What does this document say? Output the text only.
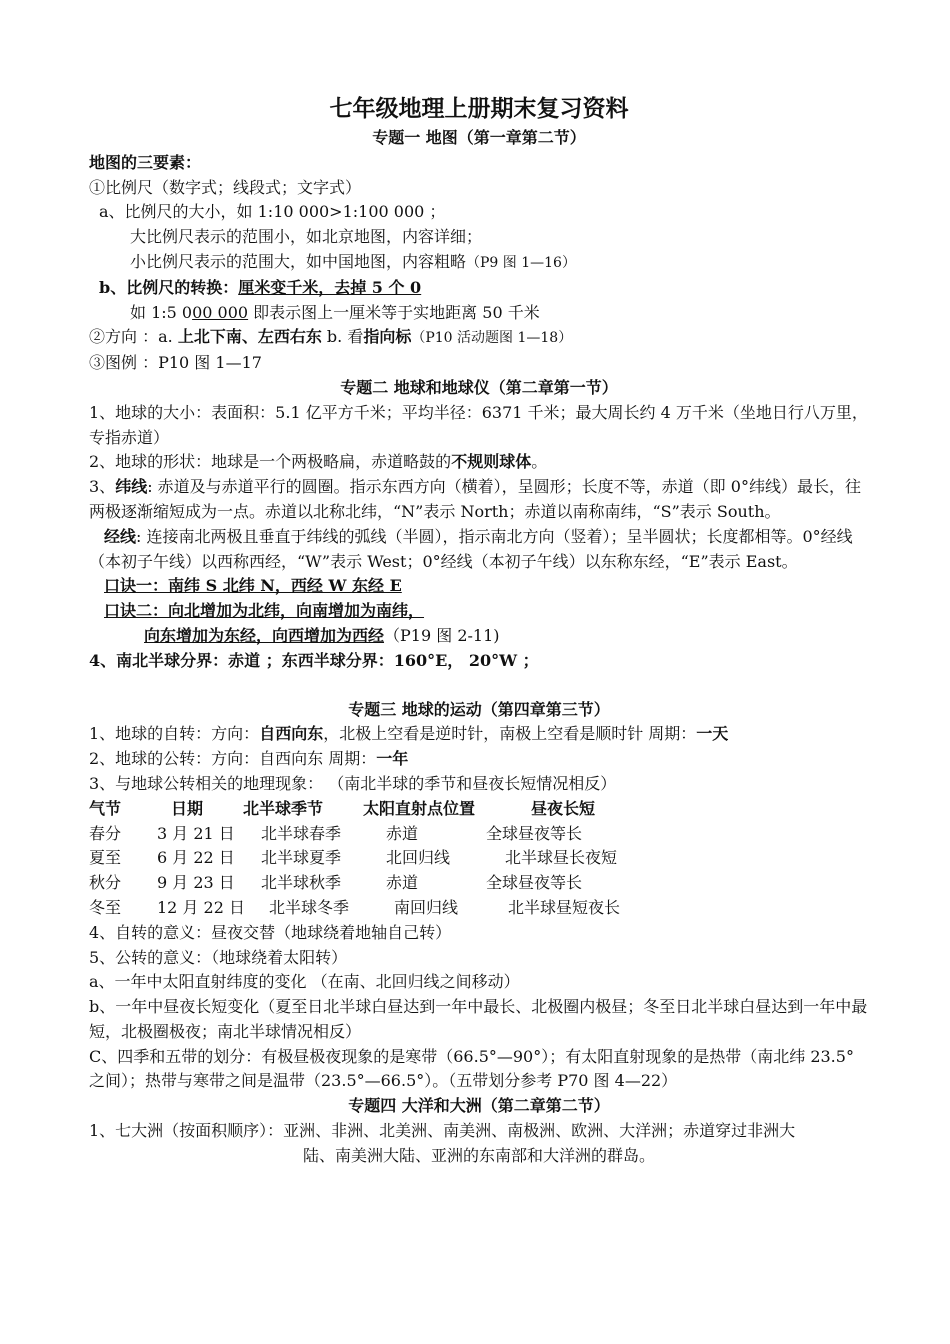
七年级地理上册期末复习资料
专题一 地图（第一章第二节）
地图的三要素：
①比例尺（数字式；线段式；文字式）
a、比例尺的大小，如 1:10 000>1:100 000 ；
大比例尺表示的范围小，如北京地图，内容详细；
小比例尺表示的范围大，如中国地图，内容粗略（P9 图 1—16）
b、比例尺的转换：厘米变千米，去掉 5 个 0
如 1:5 000 000 即表示图上一厘米等于实地距离 50 千米
②方向 ：a. 上北下南、左西右东 b. 看指向标（P10 活动题图 1—18）
③图例 ：P10 图 1—17
专题二 地球和地球仪（第二章第一节）
1、地球的大小：表面积：5.1 亿平方千米；平均半径：6371 千米；最大周长约 4 万千米（坐地日行八万里，专指赤道）
2、地球的形状：地球是一个两极略扁，赤道略鼓的不规则球体。
3、纬线: 赤道及与赤道平行的圆圈。指示东西方向（横着），呈圆形；长度不等，赤道（即 0°纬线）最长，往两极逐渐缩短成为一点。赤道以北称北纬，“N”表示 North；赤道以南称南纬，“S”表示 South。
经线: 连接南北两极且垂直于纬线的弧线（半圆），指示南北方向（竖着）；呈半圆状；长度都相等。0°经线（本初子午线）以西称西经，“W”表示 West；0°经线（本初子午线）以东称东经，“E”表示 East。
口诀一：南纬 S 北纬 N，西经 W 东经 E
口诀二：向北增加为北纬，向南增加为南纬，
向东增加为东经，向西增加为西经（P19 图 2-11)
4、南北半球分界：赤道 ；东西半球分界：160°E， 20°W ；
专题三 地球的运动（第四章第三节）
1、地球的自转：方向：自西向东，北极上空看是逆时针，南极上空看是顺时针 周期：一天
2、地球的公转：方向：自西向东 周期：一年
3、与地球公转相关的地理现象： （南北半球的季节和昼夜长短情况相反）
气节	日期 北半球季节 太阳直射点位置	昼夜长短
春分 3 月 21 日 北半球春季	赤道	全球昼夜等长
夏至 6 月 22 日 北半球夏季	北回归线	北半球昼长夜短
秋分 9 月 23 日 北半球秋季	赤道	全球昼夜等长
冬至 12 月 22 日 北半球冬季	南回归线	北半球昼短夜长
4、自转的意义：昼夜交替（地球绕着地轴自己转）
5、公转的意义：（地球绕着太阳转）
a、一年中太阳直射纬度的变化 （在南、北回归线之间移动）
b、一年中昼夜长短变化（夏至日北半球白昼达到一年中最长、北极圈内极昼；冬至日北半球白昼达到一年中最短，北极圈极夜；南北半球情况相反）
C、四季和五带的划分：有极昼极夜现象的是寒带（66.5°—90°）；有太阳直射现象的是热带（南北纬 23.5°之间）；热带与寒带之间是温带（23.5°—66.5°）。（五带划分参考 P70 图 4—22）
专题四 大洋和大洲（第二章第二节）
1、七大洲（按面积顺序）：亚洲、非洲、北美洲、南美洲、南极洲、欧洲、大洋洲；赤道穿过非洲大
陆、南美洲大陆、亚洲的东南部和大洋洲的群岛。
